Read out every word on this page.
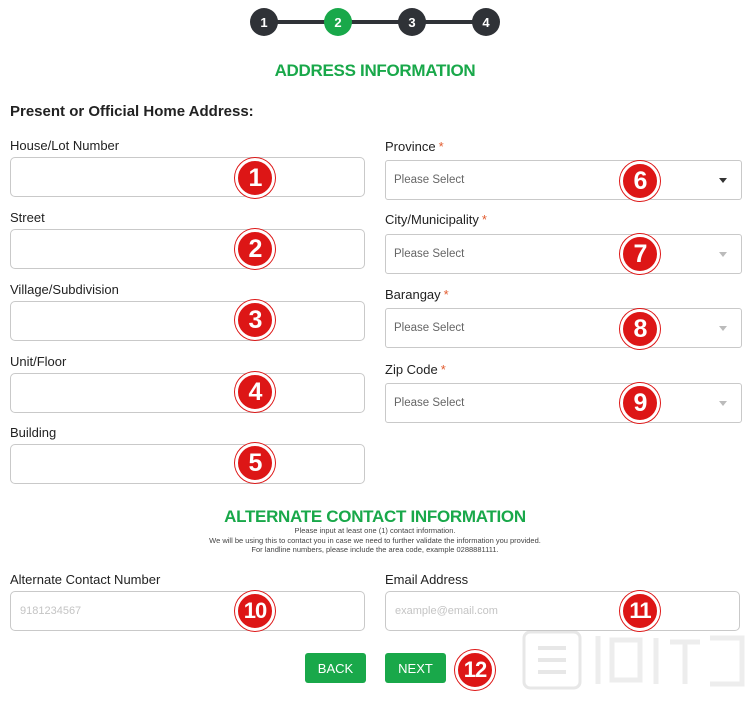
1	2	3	4
ADDRESS INFORMATION
Present or Official Home Address:
House/Lot Number
1
Street
2
Village/Subdivision
3
Unit/Floor
4
Building
5
Province *
Please Select	6
City/Municipality *
Please Select	7
Barangay *
Please Select	8
Zip Code *
Please Select	9
ALTERNATE CONTACT INFORMATION
Please input at least one (1) contact information.
We will be using this to contact you in case we need to further validate the information you provided.
For landline numbers, please include the area code, example 0288881111.
Alternate Contact Number
9181234567
10
Email Address
example@email.com
11
BACK	NEXT	12
